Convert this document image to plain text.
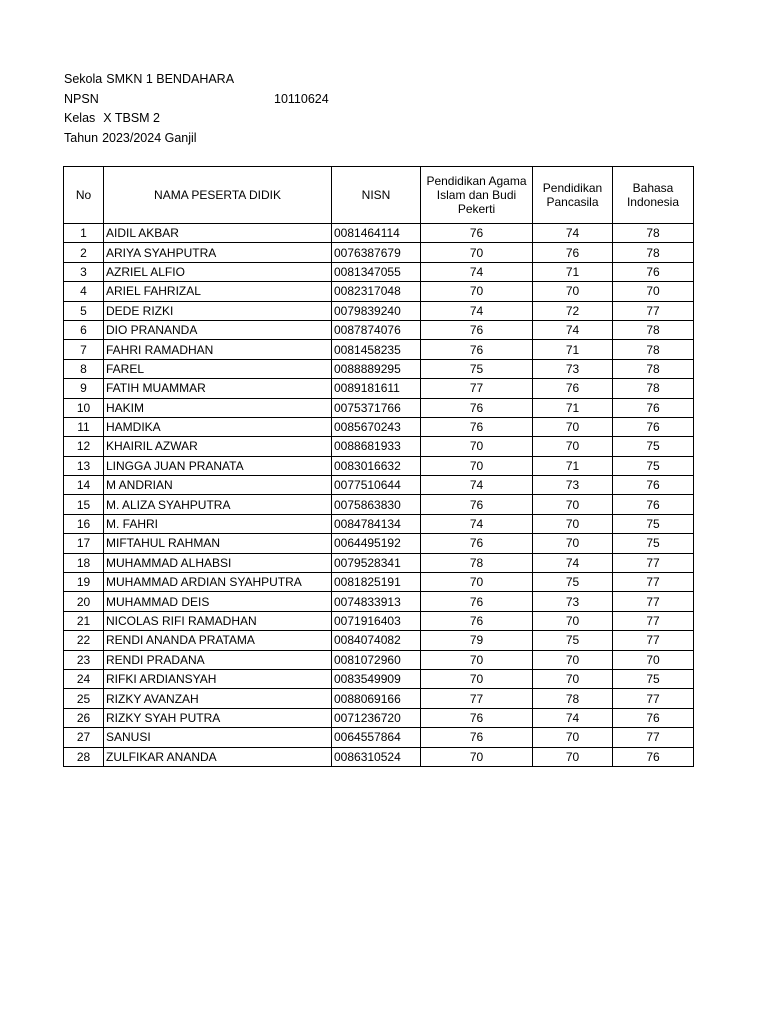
Sekola SMKN 1 BENDAHARA
NPSN	10110624
Kelas X TBSM 2
Tahun 2023/2024 Ganjil
No	NAMA PESERTA DIDIK	NISN	Pendidikan Agama Islam dan Budi Pekerti	Pendidikan Pancasila	Bahasa Indonesia
1	AIDIL AKBAR	0081464114	76	74	78
2	ARIYA SYAHPUTRA	0076387679	70	76	78
3	AZRIEL ALFIO	0081347055	74	71	76
4	ARIEL FAHRIZAL	0082317048	70	70	70
5	DEDE RIZKI	0079839240	74	72	77
6	DIO PRANANDA	0087874076	76	74	78
7	FAHRI RAMADHAN	0081458235	76	71	78
8	FAREL	0088889295	75	73	78
9	FATIH MUAMMAR	0089181611	77	76	78
10	HAKIM	0075371766	76	71	76
11	HAMDIKA	0085670243	76	70	76
12	KHAIRIL AZWAR	0088681933	70	70	75
13	LINGGA JUAN PRANATA	0083016632	70	71	75
14	M ANDRIAN	0077510644	74	73	76
15	M. ALIZA SYAHPUTRA	0075863830	76	70	76
16	M. FAHRI	0084784134	74	70	75
17	MIFTAHUL RAHMAN	0064495192	76	70	75
18	MUHAMMAD ALHABSI	0079528341	78	74	77
19	MUHAMMAD ARDIAN SYAHPUTRA	0081825191	70	75	77
20	MUHAMMAD DEIS	0074833913	76	73	77
21	NICOLAS RIFI RAMADHAN	0071916403	76	70	77
22	RENDI ANANDA PRATAMA	0084074082	79	75	77
23	RENDI PRADANA	0081072960	70	70	70
24	RIFKI ARDIANSYAH	0083549909	70	70	75
25	RIZKY AVANZAH	0088069166	77	78	77
26	RIZKY SYAH PUTRA	0071236720	76	74	76
27	SANUSI	0064557864	76	70	77
28	ZULFIKAR ANANDA	0086310524	70	70	76
